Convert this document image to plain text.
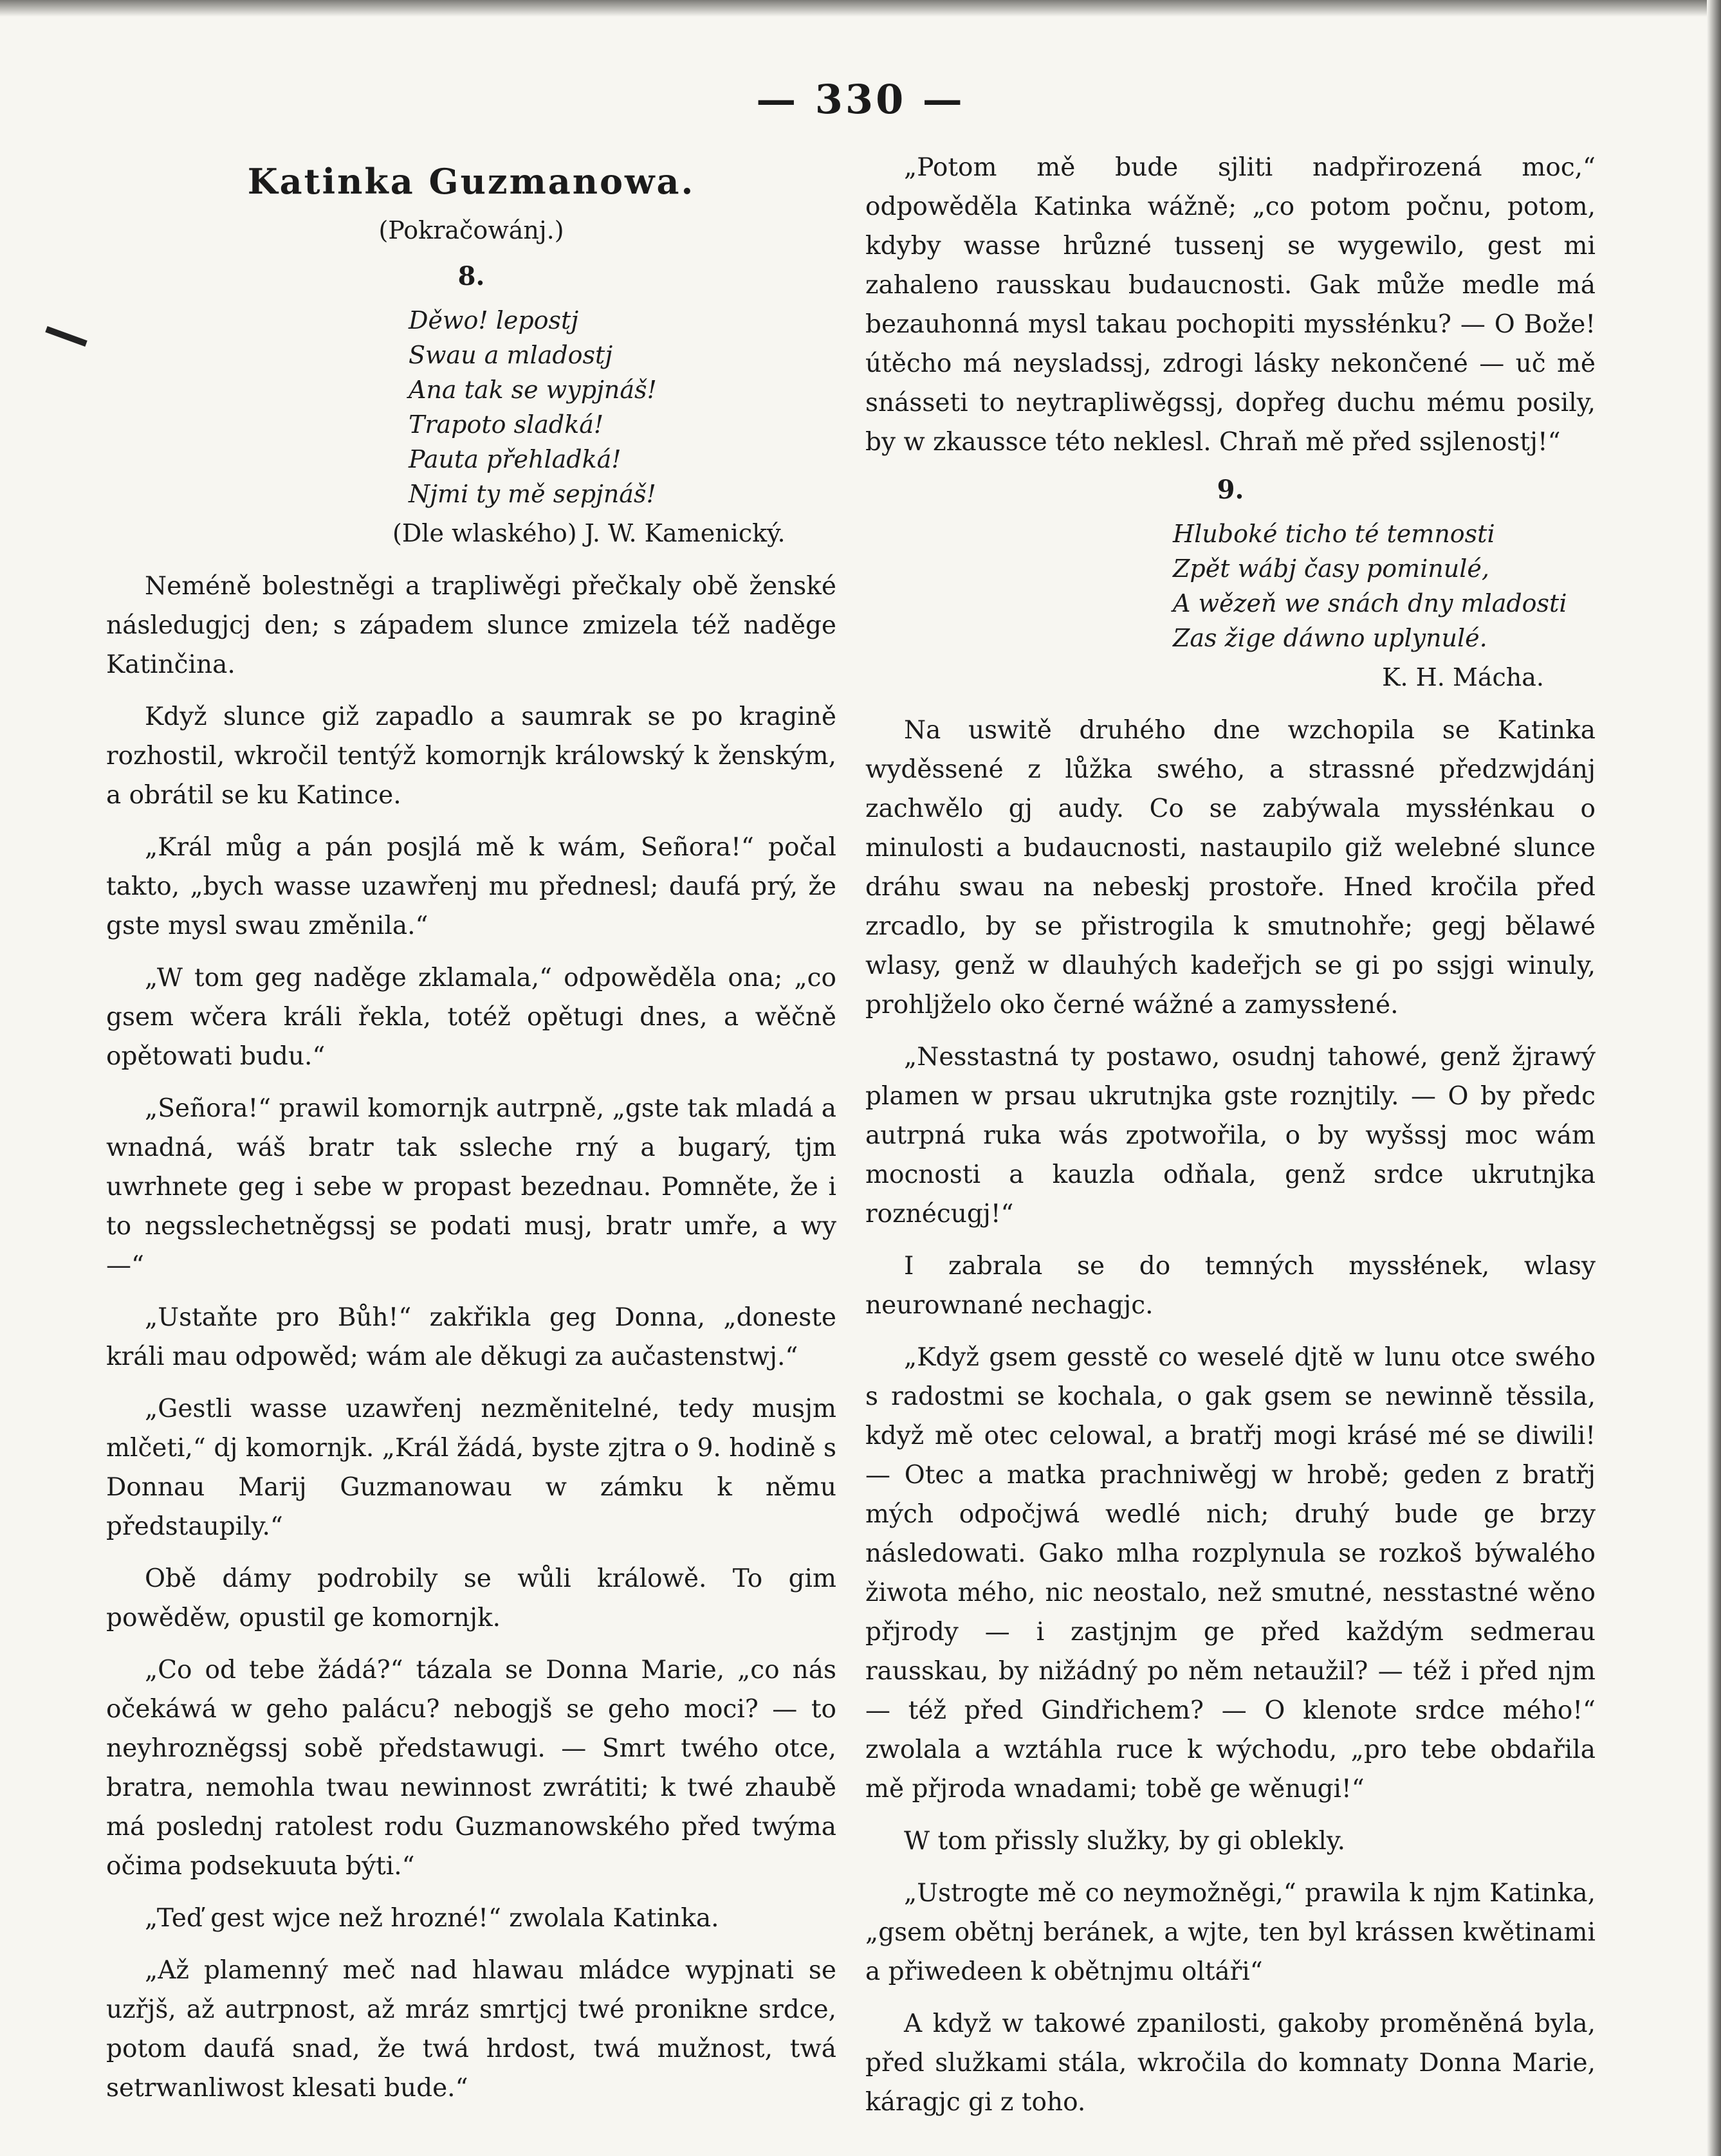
— 330 —
Katinka Guzmanowa.
(Pokračowánj.)
8.
Děwo! lepostj
Swau a mladostj
Ana tak se wypjnáš!
Trapoto sladká!
Pauta přehladká!
Njmi ty mě sepjnáš!
(Dle wlaského) J. W. Kamenický.

Neméně bolestněgi a trapliwěgi přečkaly obě ženské následugjcj den; s západem slunce zmizela též naděge Katinčina.

Když slunce giž zapadlo a saumrak se po kragině rozhostil, wkročil tentýž komornjk králowský k ženským, a obrátil se ku Katince.

„Král můg a pán posjlá mě k wám, Señora!“ počal takto, „bych wasse uzawřenj mu přednesl; daufá prý, že gste mysl swau změnila.“

„W tom geg naděge zklamala,“ odpowěděla ona; „co gsem wčera králi řekla, totéž opětugi dnes, a wěčně opětowati budu.“

„Señora!“ prawil komornjk autrpně, „gste tak mladá a wnadná, wáš bratr tak ssleche rný a bugarý, tjm uwrhnete geg i sebe w propast bezednau. Pomněte, že i to negsslechetněgssj se podati musj, bratr umře, a wy —“

„Ustaňte pro Bůh!“ zakřikla geg Donna, „doneste králi mau odpowěd; wám ale děkugi za aučastenstwj.“

„Gestli wasse uzawřenj nezměnitelné, tedy musjm mlčeti,“ dj komornjk. „Král žádá, byste zjtra o 9. hodině s Donnau Marij Guzmanowau w zámku k němu předstaupily.“

Obě dámy podrobily se wůli králowě. To gim powěděw, opustil ge komornjk.

„Co od tebe žádá?“ tázala se Donna Marie, „co nás očekáwá w geho palácu? nebogjš se geho moci? — to neyhrozněgssj sobě předstawugi. — Smrt twého otce, bratra, nemohla twau newinnost zwrátiti; k twé zhaubě má poslednj ratolest rodu Guzmanowského před twýma očima podsekuuta býti.“

„Teď gest wjce než hrozné!“ zwolala Katinka.

„Až plamenný meč nad hlawau mládce wypjnati se uzřjš, až autrpnost, až mráz smrtjcj twé pronikne srdce, potom daufá snad, že twá hrdost, twá mužnost, twá setrwanliwost klesati bude.“

„Potom mě bude sjliti nadpřirozená moc,“ odpowěděla Katinka wážně; „co potom počnu, potom, kdyby wasse hrůzné tussenj se wygewilo, gest mi zahaleno rausskau budaucnosti. Gak může medle má bezauhonná mysl takau pochopiti myssłénku? — O Bože! útěcho má neysladssj, zdrogi lásky nekončené — uč mě snásseti to neytrapliwěgssj, dopřeg duchu mému posily, by w zkaussce této neklesl. Chraň mě před ssjlenostj!“

9.
Hluboké ticho té temnosti
Zpět wábj časy pominulé,
A wězeň we snách dny mladosti
Zas žige dáwno uplynulé.
K. H. Mácha.

Na uswitě druhého dne wzchopila se Katinka wyděssené z lůžka swého, a strassné předzwjdánj zachwělo gj audy. Co se zabýwala myssłénkau o minulosti a budaucnosti, nastaupilo giž welebné slunce dráhu swau na nebeskj prostoře. Hned kročila před zrcadlo, by se přistrogila k smutnohře; gegj bělawé wlasy, genž w dlauhých kadeřjch se gi po ssjgi winuly, prohljželo oko černé wážné a zamyssłené.

„Nesstastná ty postawo, osudnj tahowé, genž žjrawý plamen w prsau ukrutnjka gste roznjtily. — O by předc autrpná ruka wás zpotwořila, o by wyšssj moc wám mocnosti a kauzla odňala, genž srdce ukrutnjka roznécugj!“

I zabrala se do temných myssłének, wlasy neurownané nechagjc.

„Když gsem gesstě co weselé djtě w lunu otce swého s radostmi se kochala, o gak gsem se newinně těssila, když mě otec celowal, a bratřj mogi krásé mé se diwili! — Otec a matka prachniwěgj w hrobě; geden z bratřj mých odpočjwá wedlé nich; druhý bude ge brzy následowati. Gako mlha rozplynula se rozkoš býwalého žiwota mého, nic neostalo, než smutné, nesstastné wěno přjrody — i zastjnjm ge před každým sedmerau rausskau, by nižádný po něm netaužil? — též i před njm — též před Gindřichem? — O klenote srdce mého!“ zwolala a wztáhla ruce k wýchodu, „pro tebe obdařila mě přjroda wnadami; tobě ge wěnugi!“

W tom přissly služky, by gi oblekly.

„Ustrogte mě co neymožněgi,“ prawila k njm Katinka, „gsem obětnj beránek, a wjte, ten byl krássen kwětinami a přiwedeen k obětnjmu oltáři“

A když w takowé zpanilosti, gakoby proměněná byla, před služkami stála, wkročila do komnaty Donna Marie, káragjc gi z toho.
